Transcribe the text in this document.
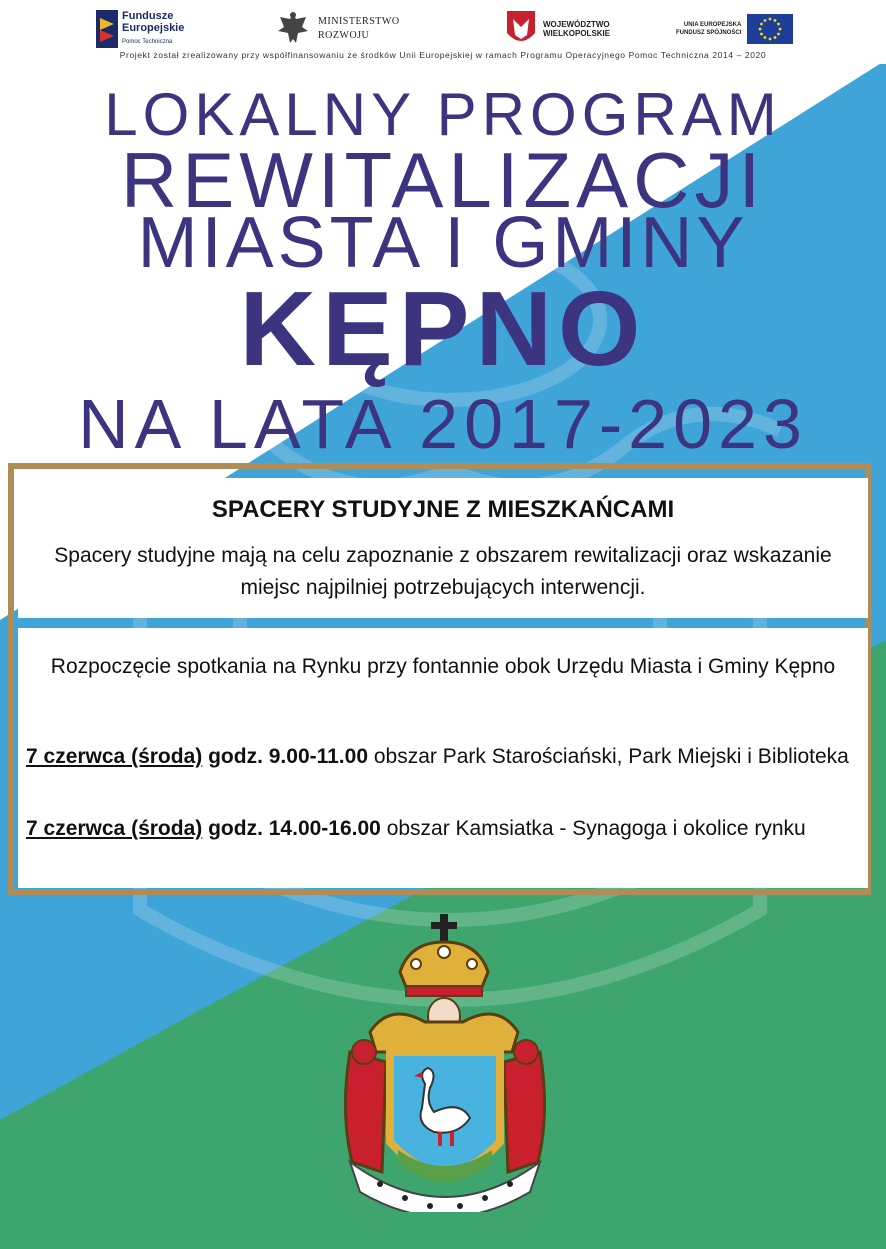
Fundusze
Europejskie
Pomoc Techniczna
MINISTERSTWO
ROZWOJU
WOJEWÓDZTWO
WIELKOPOLSKIE
UNIA EUROPEJSKA
FUNDUSZ SPÓJNOŚCI
Projekt został zrealizowany przy współfinansowaniu ze środków Unii Europejskiej w ramach Programu Operacyjnego Pomoc Techniczna 2014 – 2020
LOKALNY PROGRAM
REWITALIZACJI
MIASTA I GMINY
KĘPNO
NA LATA 2017-2023
SPACERY STUDYJNE Z MIESZKAŃCAMI
Spacery studyjne mają na celu zapoznanie z obszarem rewitalizacji oraz wskazanie miejsc najpilniej potrzebujących interwencji.
Rozpoczęcie spotkania na Rynku przy fontannie obok Urzędu Miasta i Gminy Kępno
7 czerwca (środa) godz. 9.00-11.00 obszar Park Starościański, Park Miejski i Biblioteka
7 czerwca (środa) godz. 14.00-16.00 obszar Kamsiatka - Synagoga i okolice rynku
